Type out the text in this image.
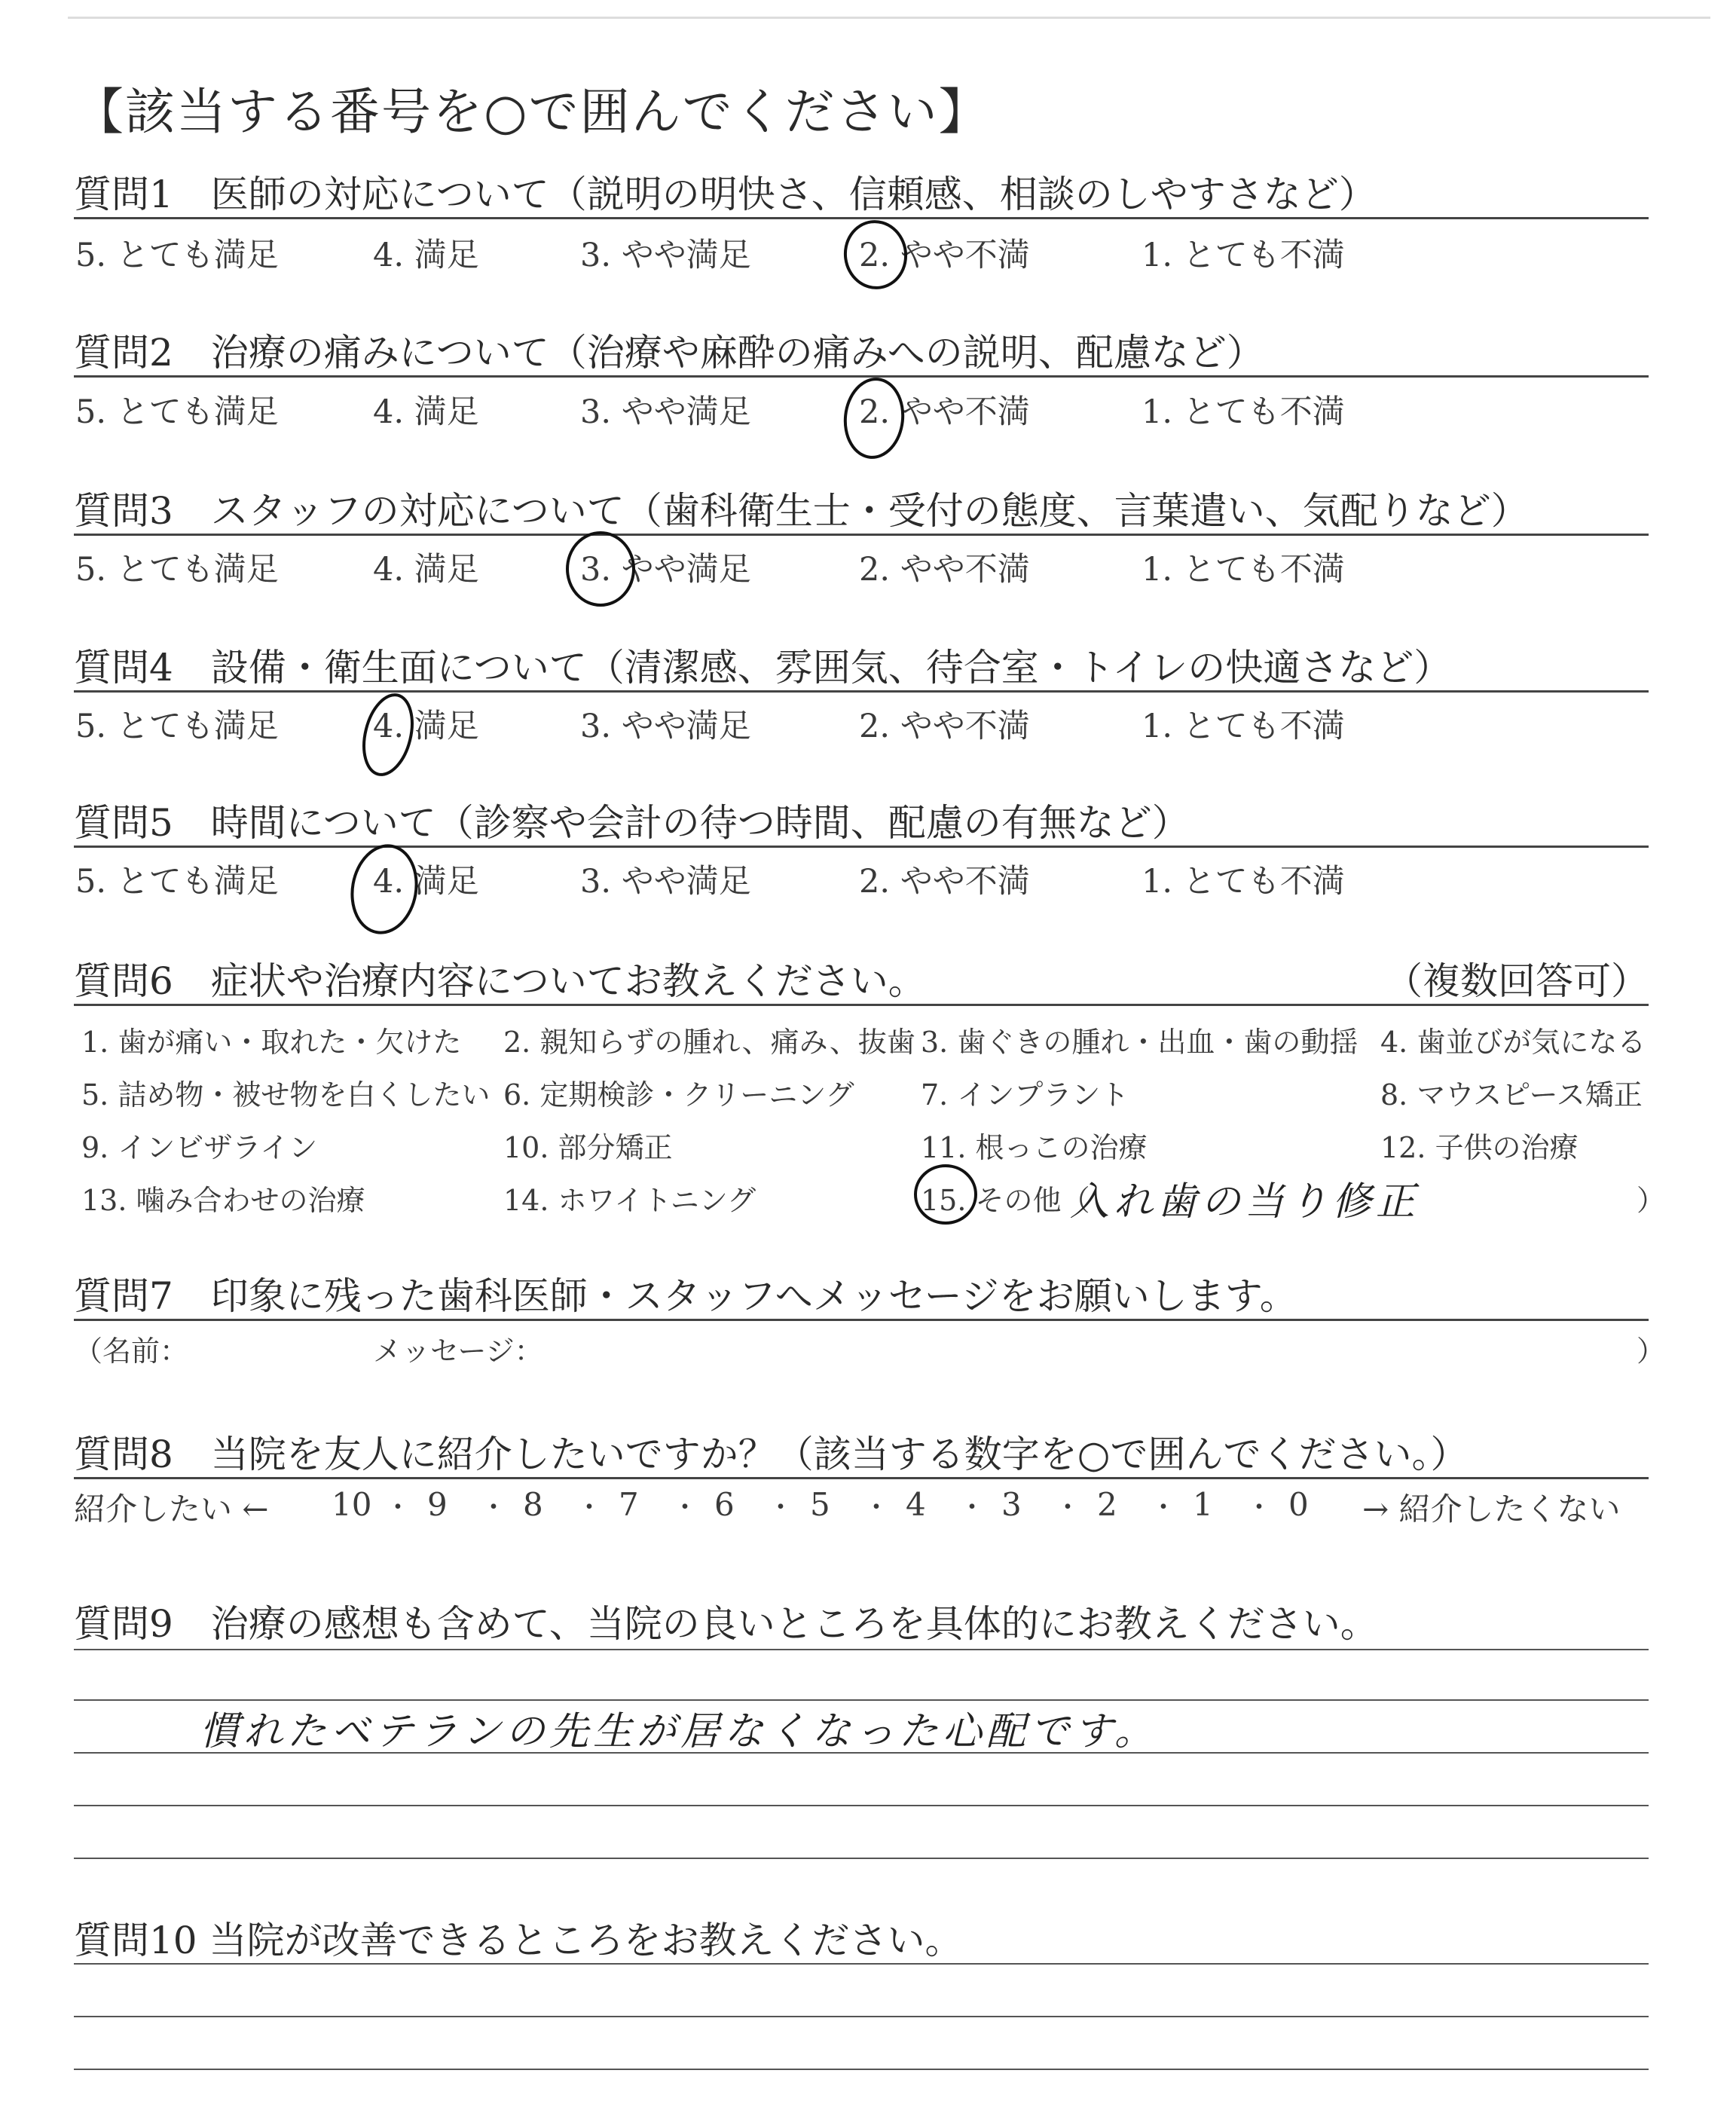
【該当する番号を○で囲んでください】
質問1　医師の対応について（説明の明快さ、信頼感、相談のしやすさなど）
5. とても満足	4. 満足	3. やや満足	2. やや不満	1. とても不満
質問2　治療の痛みについて（治療や麻酔の痛みへの説明、配慮など）
5. とても満足	4. 満足	3. やや満足	2. やや不満	1. とても不満
質問3　スタッフの対応について（歯科衛生士・受付の態度、言葉遣い、気配りなど）
5. とても満足	4. 満足	3. やや満足	2. やや不満	1. とても不満
質問4　設備・衛生面について（清潔感、雰囲気、待合室・トイレの快適さなど）
5. とても満足	4. 満足	3. やや満足	2. やや不満	1. とても不満
質問5　時間について（診察や会計の待つ時間、配慮の有無など）
5. とても満足	4. 満足	3. やや満足	2. やや不満	1. とても不満
質問6　症状や治療内容についてお教えください。	（複数回答可）
1. 歯が痛い・取れた・欠けた 2. 親知らずの腫れ、痛み、抜歯 3. 歯ぐきの腫れ・出血・歯の動揺 4. 歯並びが気になる
5. 詰め物・被せ物を白くしたい 6. 定期検診・クリーニング 7. インプラント	8. マウスピース矯正
9. インビザライン	10. 部分矯正	11. 根っこの治療	12. 子供の治療
13. 噛み合わせの治療	14. ホワイトニング	15. その他（
入れ歯の当り修正	）
質問7　印象に残った歯科医師・スタッフへメッセージをお願いします。
（名前：	メッセージ：	）
質問8　当院を友人に紹介したいですか？（該当する数字を○で囲んでください。）
紹介したい ← 10 ・ 9 ・ 8 ・ 7 ・ 6 ・ 5 ・ 4 ・ 3 ・ 2 ・ 1 ・ 0 → 紹介したくない
質問9　治療の感想も含めて、当院の良いところを具体的にお教えください。
慣れたベテランの先生が居なくなった心配です。
質問10 当院が改善できるところをお教えください。
